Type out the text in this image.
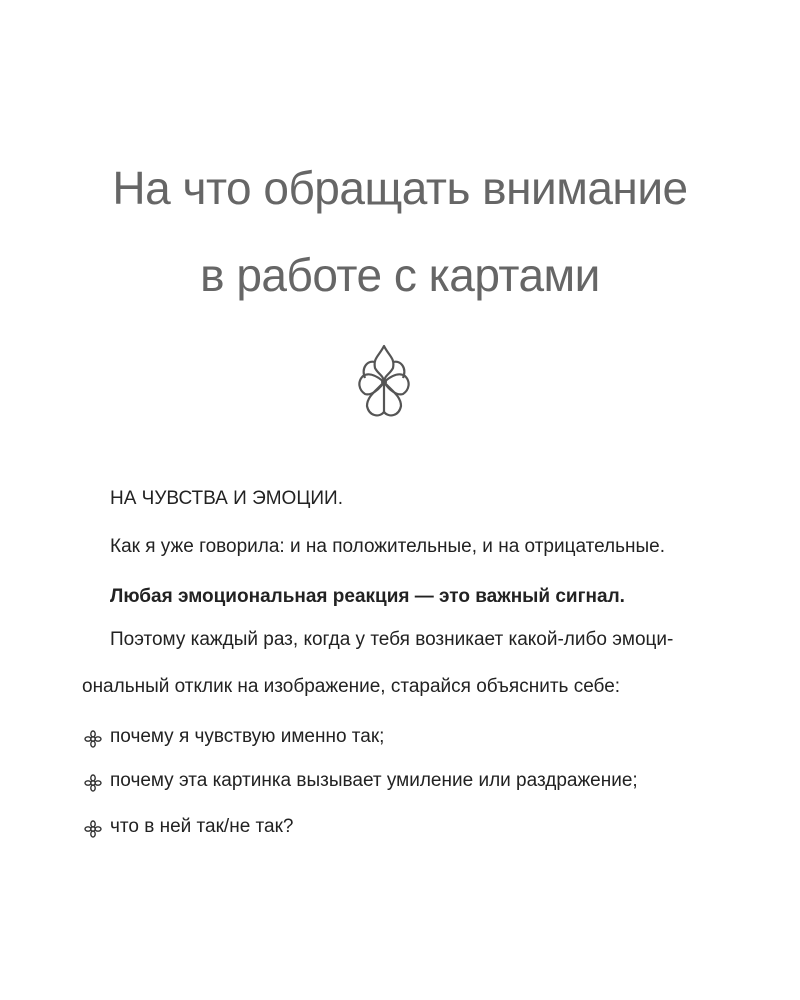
На что обращать внимание
в работе с картами
НА ЧУВСТВА И ЭМОЦИИ.
Как я уже говорила: и на положительные, и на отрицательные.
Любая эмоциональная реакция — это важный сигнал.
Поэтому каждый раз, когда у тебя возникает какой-либо эмоци-
ональный отклик на изображение, старайся объяснить себе:
почему я чувствую именно так;
почему эта картинка вызывает умиление или раздражение;
что в ней так/не так?
